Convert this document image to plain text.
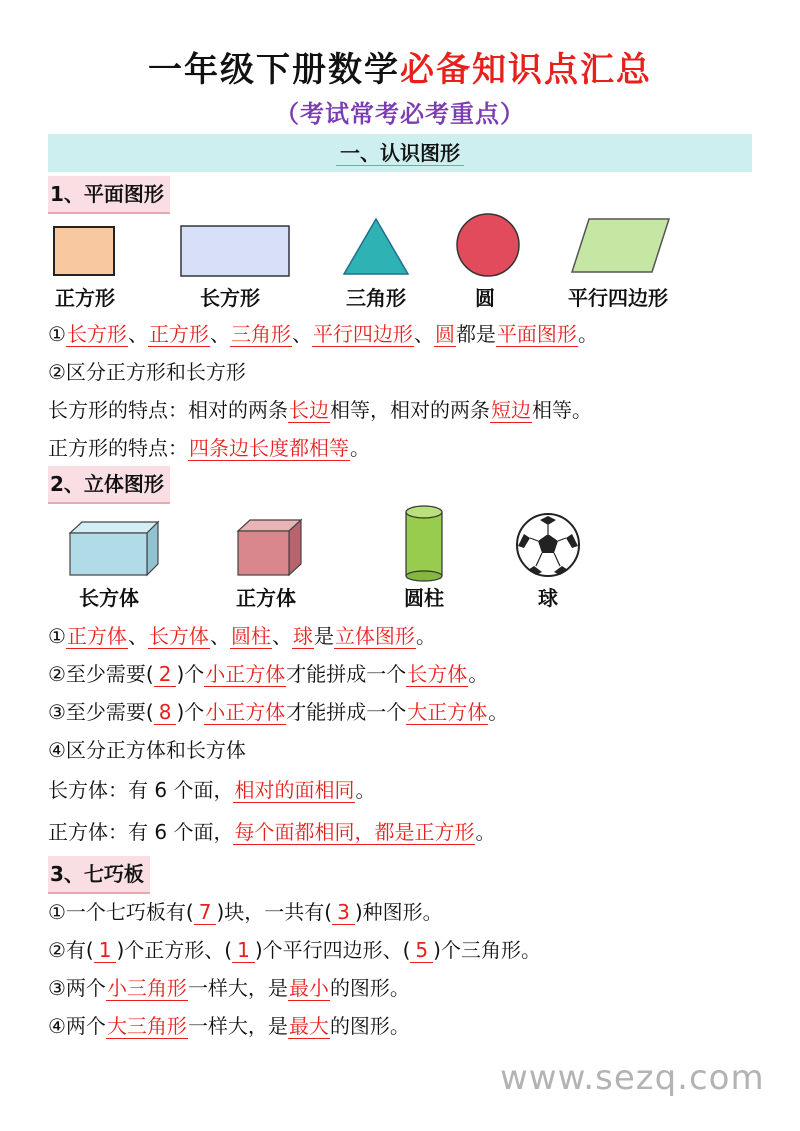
一年级下册数学必备知识点汇总
（考试常考必考重点）
一、认识图形
1、平面图形
正方形	长方形	三角形	圆	平行四边形
①长方形、正方形、三角形、平行四边形、圆都是平面图形。
②区分正方形和长方形
长方形的特点：相对的两条长边相等，相对的两条短边相等。
正方形的特点：四条边长度都相等。
2、立体图形
长方体	正方体	圆柱	球
①正方体、长方体、圆柱、球是立体图形。
②至少需要( 2 )个小正方体才能拼成一个长方体。
③至少需要( 8 )个小正方体才能拼成一个大正方体。
④区分正方体和长方体
长方体：有 6 个面，相对的面相同。
正方体：有 6 个面，每个面都相同，都是正方形。
3、七巧板
①一个七巧板有( 7 )块，一共有( 3 )种图形。
②有( 1 )个正方形、( 1 )个平行四边形、( 5 )个三角形。
③两个小三角形一样大，是最小的图形。
④两个大三角形一样大，是最大的图形。
www.sezq.com
